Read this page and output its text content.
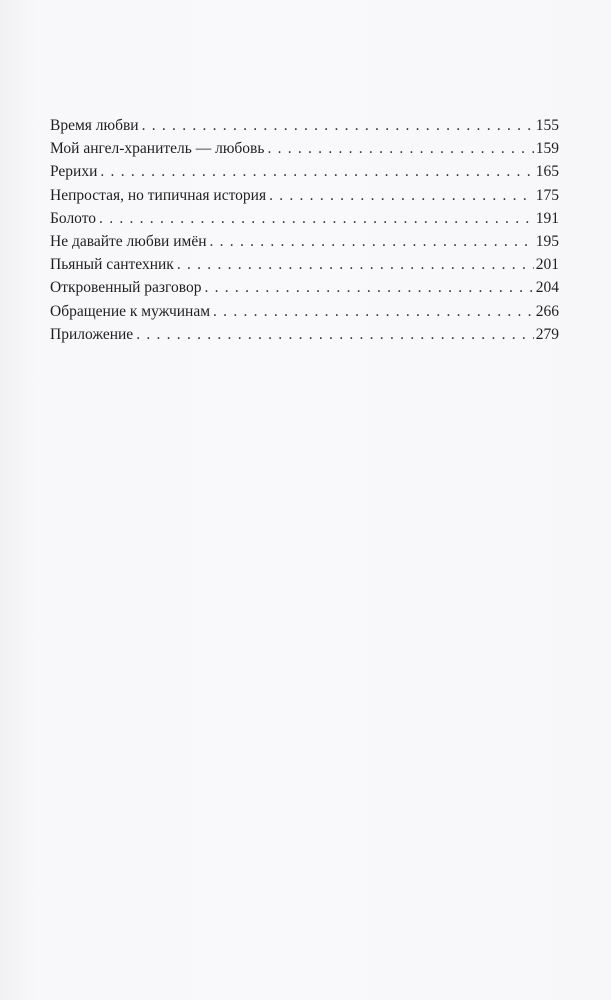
Время любви . . .	155
Мой ангел-хранитель — любовь . . .	159
Рерихи . . .	165
Непростая, но типичная история . . .	175
Болото . . .	191
Не давайте любви имён . . .	195
Пьяный сантехник . . .	201
Откровенный разговор . . .	204
Обращение к мужчинам . . .	266
Приложение . . .	279
